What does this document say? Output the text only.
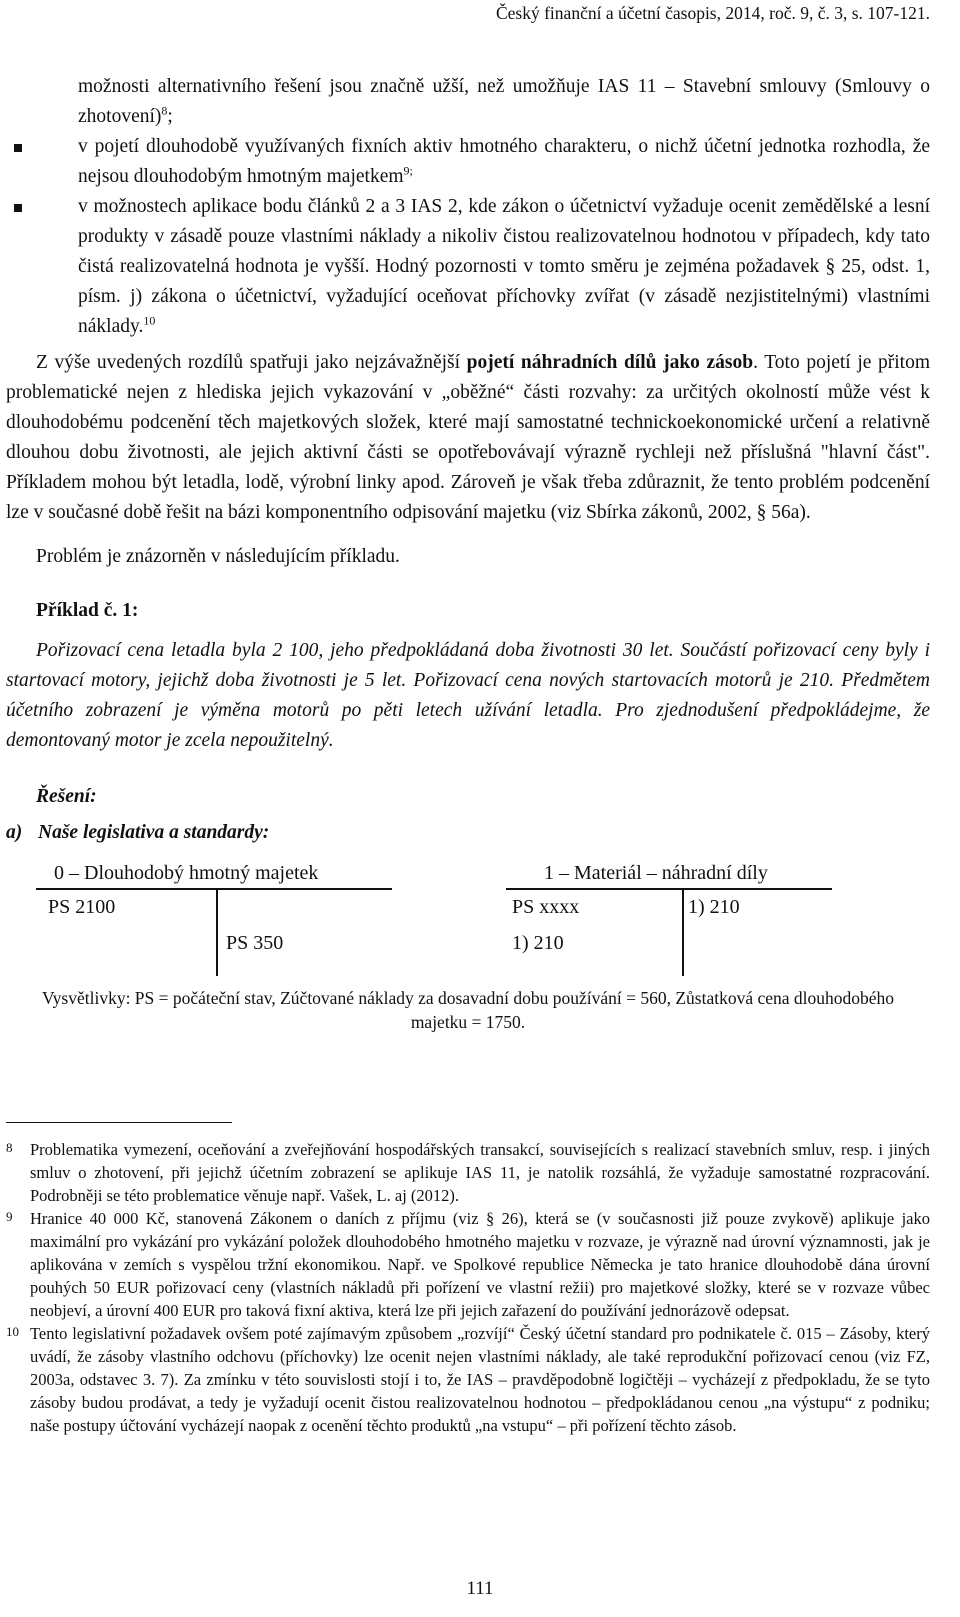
Český finanční a účetní časopis, 2014, roč. 9, č. 3, s. 107-121.
možnosti alternativního řešení jsou značně užší, než umožňuje IAS 11 – Stavební smlouvy (Smlouvy o zhotovení)$^8$;
v pojetí dlouhodobě využívaných fixních aktiv hmotného charakteru, o nichž účetní jednotka rozhodla, že nejsou dlouhodobým hmotným majetkem$^{9;}$
v možnostech aplikace bodu článků 2 a 3 IAS 2, kde zákon o účetnictví vyžaduje ocenit zemědělské a lesní produkty v zásadě pouze vlastními náklady a nikoliv čistou realizovatelnou hodnotou v případech, kdy tato čistá realizovatelná hodnota je vyšší. Hodný pozornosti v tomto směru je zejména požadavek § 25, odst. 1, písm. j) zákona o účetnictví, vyžadující oceňovat příchovky zvířat (v zásadě nezjistitelnými) vlastními náklady.$^{10}$

Z výše uvedených rozdílů spatřuji jako nejzávažnější pojetí náhradních dílů jako zásob. Toto pojetí je přitom problematické nejen z hlediska jejich vykazování v „oběžné“ části rozvahy: za určitých okolností může vést k dlouhodobému podcenění těch majetkových složek, které mají samostatné technickoekonomické určení a relativně dlouhou dobu životnosti, ale jejich aktivní části se opotřebovávají výrazně rychleji než příslušná "hlavní část". Příkladem mohou být letadla, lodě, výrobní linky apod. Zároveň je však třeba zdůraznit, že tento problém podcenění lze v současné době řešit na bázi komponentního odpisování majetku (viz Sbírka zákonů, 2002, § 56a).

Problém je znázorněn v následujícím příkladu.

Příklad č. 1:

Pořizovací cena letadla byla 2 100, jeho předpokládaná doba životnosti 30 let. Součástí pořizovací ceny byly i startovací motory, jejichž doba životnosti je 5 let. Pořizovací cena nových startovacích motorů je 210. Předmětem účetního zobrazení je výměna motorů po pěti letech užívání letadla. Pro zjednodušení předpokládejme, že demontovaný motor je zcela nepoužitelný.

Řešení:

a) Naše legislativa a standardy:

0 – Dlouhodobý hmotný majetek
PS 2100
PS 350
1 – Materiál – náhradní díly
PS xxxx	1) 210
1) 210
Vysvětlivky: PS = počáteční stav, Zúčtované náklady za dosavadní dobu používání = 560, Zůstatková cena dlouhodobého majetku = 1750.
8 Problematika vymezení, oceňování a zveřejňování hospodářských transakcí, souvisejících s realizací stavebních smluv, resp. i jiných smluv o zhotovení, při jejichž účetním zobrazení se aplikuje IAS 11, je natolik rozsáhlá, že vyžaduje samostatné rozpracování. Podrobněji se této problematice věnuje např. Vašek, L. aj (2012).
9 Hranice 40 000 Kč, stanovená Zákonem o daních z příjmu (viz § 26), která se (v současnosti již pouze zvykově) aplikuje jako maximální pro vykázání pro vykázání položek dlouhodobého hmotného majetku v rozvaze, je výrazně nad úrovní významnosti, jak je aplikována v zemích s vyspělou tržní ekonomikou. Např. ve Spolkové republice Německa je tato hranice dlouhodobě dána úrovní pouhých 50 EUR pořizovací ceny (vlastních nákladů při pořízení ve vlastní režii) pro majetkové složky, které se v rozvaze vůbec neobjeví, a úrovní 400 EUR pro taková fixní aktiva, která lze při jejich zařazení do používání jednorázově odepsat.
10 Tento legislativní požadavek ovšem poté zajímavým způsobem „rozvíjí“ Český účetní standard pro podnikatele č. 015 – Zásoby, který uvádí, že zásoby vlastního odchovu (příchovky) lze ocenit nejen vlastními náklady, ale také reprodukční pořizovací cenou (viz FZ, 2003a, odstavec 3. 7). Za zmínku v této souvislosti stojí i to, že IAS – pravděpodobně logičtěji – vycházejí z předpokladu, že se tyto zásoby budou prodávat, a tedy je vyžadují ocenit čistou realizovatelnou hodnotou – předpokládanou cenou „na výstupu“ z podniku; naše postupy účtování vycházejí naopak z ocenění těchto produktů „na vstupu“ – při pořízení těchto zásob.
111
